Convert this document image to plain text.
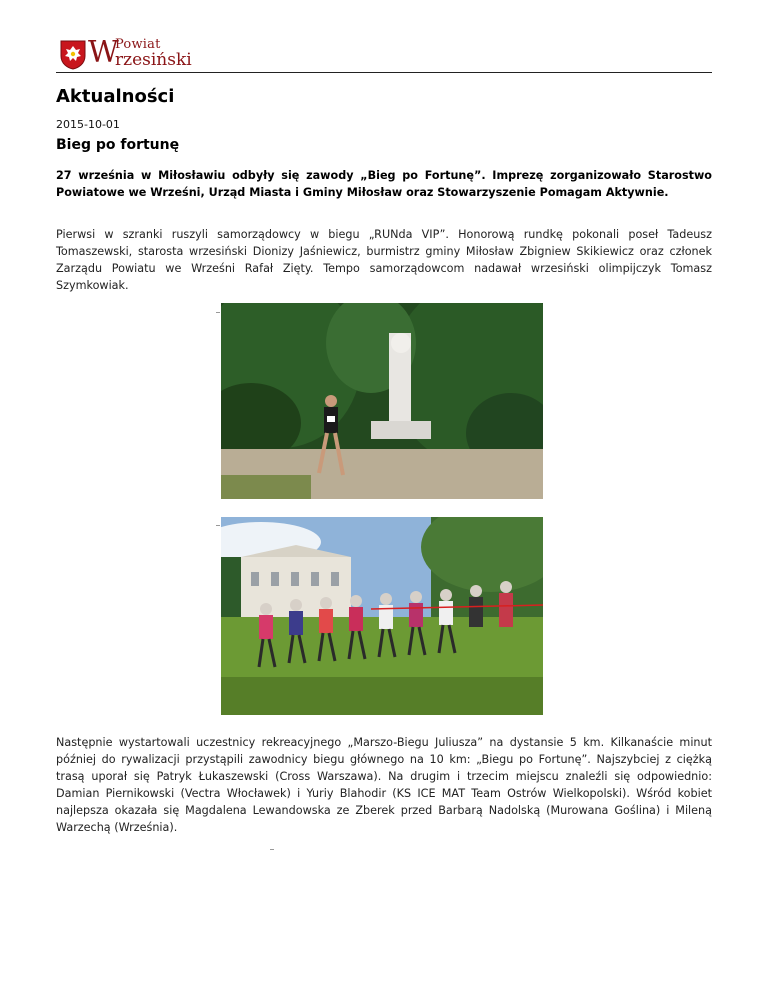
W
Powiat
rzesiński
Aktualności
2015-10-01
Bieg po fortunę

27 września w Miłosławiu odbyły się zawody „Bieg po Fortunę”. Imprezę zorganizowało Starostwo Powiatowe we Wrześni, Urząd Miasta i Gminy Miłosław oraz Stowarzyszenie Pomagam Aktywnie.

Pierwsi w szranki ruszyli samorządowcy w biegu „RUNda VIP”. Honorową rundkę pokonali poseł Tadeusz Tomaszewski, starosta wrzesiński Dionizy Jaśniewicz, burmistrz gminy Miłosław Zbigniew Skikiewicz oraz członek Zarządu Powiatu we Wrześni Rafał Zięty. Tempo samorządowcom nadawał wrzesiński olimpijczyk Tomasz Szymkowiak.

Następnie wystartowali uczestnicy rekreacyjnego „Marszo-Biegu Juliusza” na dystansie 5 km. Kilkanaście minut później do rywalizacji przystąpili zawodnicy biegu głównego na 10 km: „Biegu po Fortunę”. Najszybciej z ciężką trasą uporał się Patryk Łukaszewski (Cross Warszawa). Na drugim i trzecim miejscu znaleźli się odpowiednio: Damian Piernikowski (Vectra Włocławek) i Yuriy Blahodir (KS ICE MAT Team Ostrów Wielkopolski). Wśród kobiet najlepsza okazała się Magdalena Lewandowska ze Zberek przed Barbarą Nadolską (Murowana Goślina) i Mileną Warzechą (Września).
